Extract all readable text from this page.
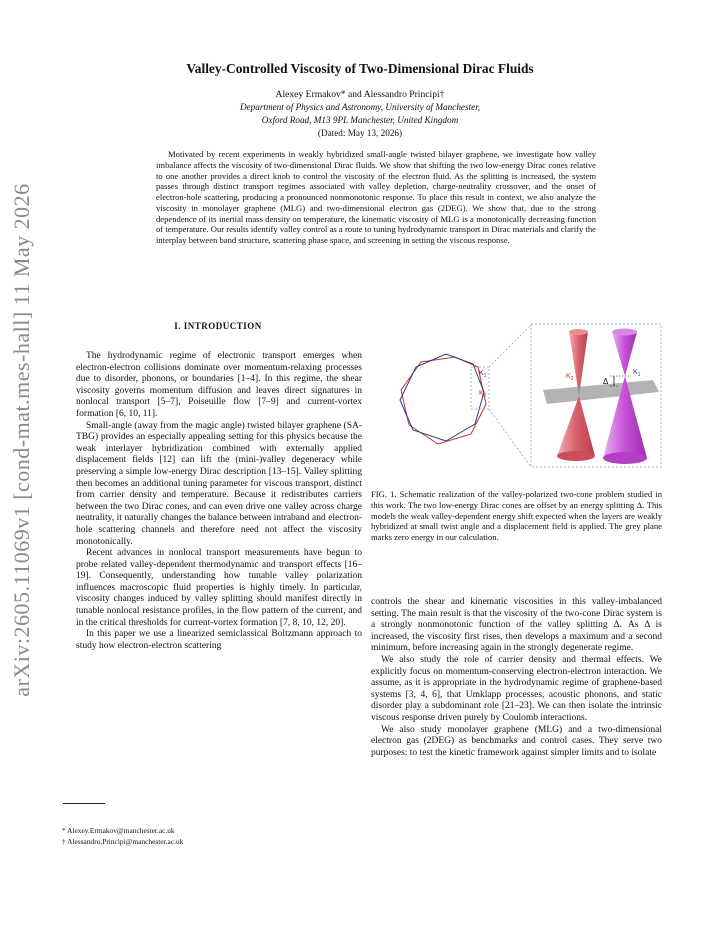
arXiv:2605.11069v1 [cond-mat.mes-hall] 11 May 2026
Valley-Controlled Viscosity of Two-Dimensional Dirac Fluids
Alexey Ermakov* and Alessandro Principi†
Department of Physics and Astronomy, University of Manchester,
Oxford Road, M13 9PL Manchester, United Kingdom
(Dated: May 13, 2026)

Motivated by recent experiments in weakly hybridized small-angle twisted bilayer graphene, we investigate how valley imbalance affects the viscosity of two-dimensional Dirac fluids. We show that shifting the two low-energy Dirac cones relative to one another provides a direct knob to control the viscosity of the electron fluid. As the splitting is increased, the system passes through distinct transport regimes associated with valley depletion, charge-neutrality crossover, and the onset of electron-hole scattering, producing a pronounced nonmonotonic response. To place this result in context, we also analyze the viscosity in monolayer graphene (MLG) and two-dimensional electron gas (2DEG). We show that, due to the strong dependence of its inertial mass density on temperature, the kinematic viscosity of MLG is a monotonically decreasing function of temperature. Our results identify valley control as a route to tuning hydrodynamic transport in Dirac materials and clarify the interplay between band structure, scattering phase space, and screening in setting the viscous response.

I. INTRODUCTION

The hydrodynamic regime of electronic transport emerges when electron-electron collisions dominate over momentum-relaxing processes due to disorder, phonons, or boundaries [1–4]. In this regime, the shear viscosity governs momentum diffusion and leaves direct signatures in nonlocal transport [5–7], Poiseuille flow [7–9] and current-vortex formation [6, 10, 11].

Small-angle (away from the magic angle) twisted bilayer graphene (SA-TBG) provides an especially appealing setting for this physics because the weak interlayer hybridization combined with externally applied displacement fields [12] can lift the (mini-)valley degeneracy while preserving a simple low-energy Dirac description [13–15]. Valley splitting then becomes an additional tuning parameter for viscous transport, distinct from carrier density and temperature. Because it redistributes carriers between the two Dirac cones, and can even drive one valley across charge neutrality, it naturally changes the balance between intraband and electron-hole scattering channels and therefore need not affect the viscosity monotonically.

Recent advances in nonlocal transport measurements have begun to probe related valley-dependent thermodynamic and transport effects [16–19]. Consequently, understanding how tunable valley polarization influences macroscopic fluid properties is highly timely. In particular, viscosity changes induced by valley splitting should manifest directly in tunable nonlocal resistance profiles, in the flow pattern of the current, and in the critical thresholds for current-vortex formation [7, 8, 10, 12, 20].

In this paper we use a linearized semiclassical Boltzmann approach to study how electron-electron scattering

$K_1$
$K_2$
Δ
$K_2$
$K_1$

FIG. 1. Schematic realization of the valley-polarized two-cone problem studied in this work. The two low-energy Dirac cones are offset by an energy splitting Δ. This models the weak valley-dependent energy shift expected when the layers are weakly hybridized at small twist angle and a displacement field is applied. The grey plane marks zero energy in our calculation.

controls the shear and kinematic viscosities in this valley-imbalanced setting. The main result is that the viscosity of the two-cone Dirac system is a strongly nonmonotonic function of the valley splitting Δ. As Δ is increased, the viscosity first rises, then develops a maximum and a second minimum, before increasing again in the strongly degenerate regime.

We also study the role of carrier density and thermal effects. We explicitly focus on momentum-conserving electron-electron interaction. We assume, as it is appropriate in the hydrodynamic regime of graphene-based systems [3, 4, 6], that Umklapp processes, acoustic phonons, and static disorder play a subdominant role [21–23]. We can then isolate the intrinsic viscous response driven purely by Coulomb interactions.

We also study monolayer graphene (MLG) and a two-dimensional electron gas (2DEG) as benchmarks and control cases. They serve two purposes: to test the kinetic framework against simpler limits and to isolate

* Alexey.Ermakov@manchester.ac.uk
† Alessandro.Principi@manchester.ac.uk
